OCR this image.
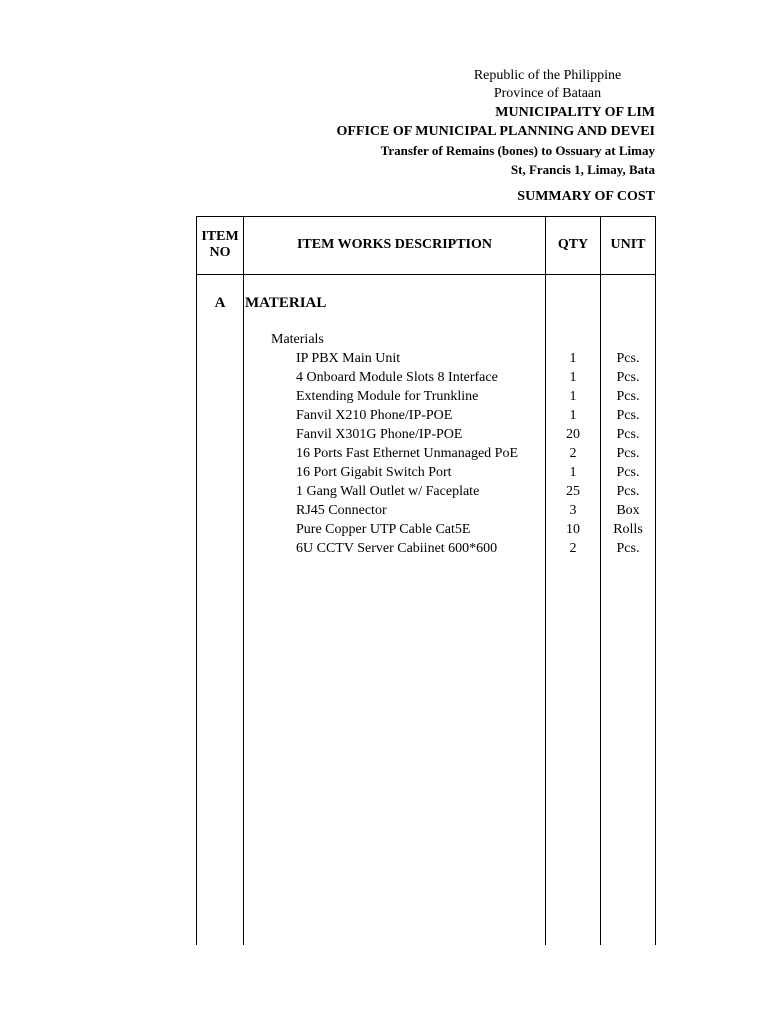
Republic of the Philippine
Province of Bataan
MUNICIPALITY OF LIM
OFFICE OF MUNICIPAL PLANNING AND DEVEI
Transfer of Remains (bones) to Ossuary at Limay
St, Francis 1, Limay, Bata
SUMMARY OF COST
ITEM
NO
ITEM WORKS DESCRIPTION	QTY	UNIT
A	MATERIAL
Materials
IP PBX Main Unit	1	Pcs.
4 Onboard Module Slots 8 Interface	1	Pcs.
Extending Module for Trunkline	1	Pcs.
Fanvil X210 Phone/IP-POE	1	Pcs.
Fanvil X301G Phone/IP-POE	20	Pcs.
16 Ports Fast Ethernet Unmanaged PoE	2	Pcs.
16 Port Gigabit Switch Port	1	Pcs.
1 Gang Wall Outlet w/ Faceplate	25	Pcs.
RJ45 Connector	3	Box
Pure Copper UTP Cable Cat5E	10	Rolls
6U CCTV Server Cabiinet 600*600	2	Pcs.
